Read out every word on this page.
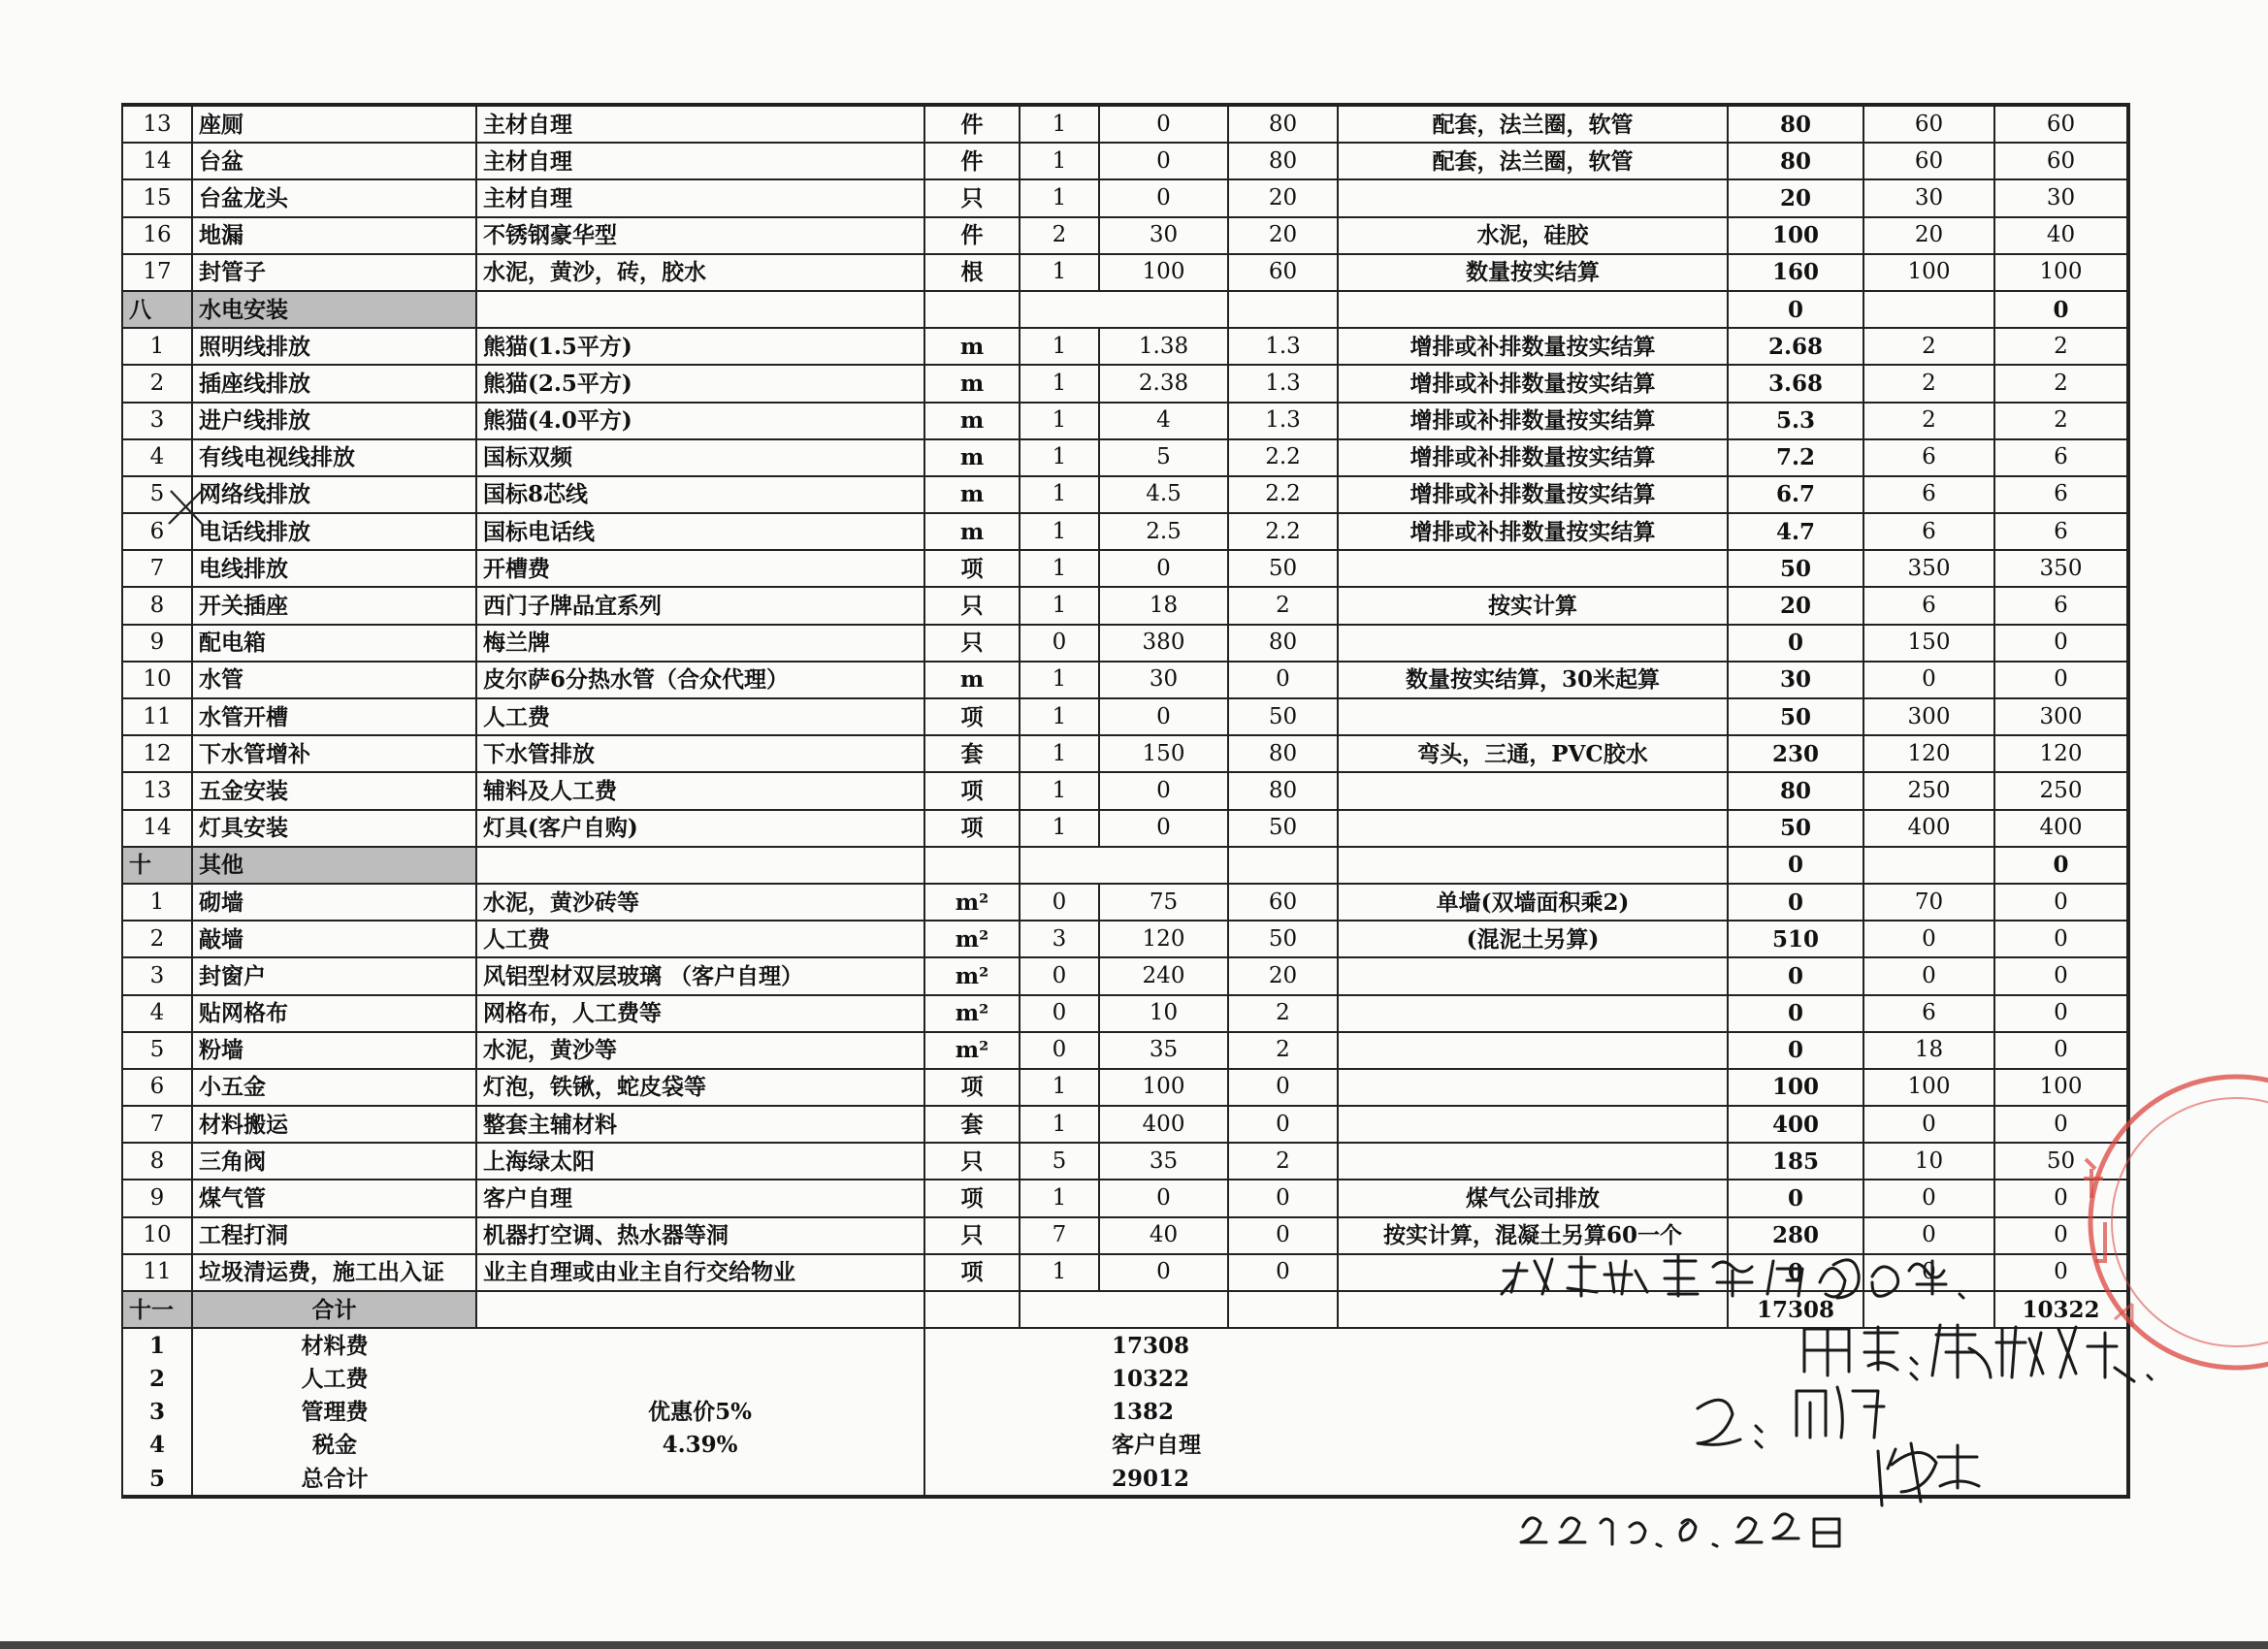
13	座厕	主材自理	件	1	0	80	配套，法兰圈，软管	80	60	60
14	台盆	主材自理	件	1	0	80	配套，法兰圈，软管	80	60	60
15	台盆龙头	主材自理	只	1	0	20		20	30	30
16	地漏	不锈钢豪华型	件	2	30	20	水泥，硅胶	100	20	40
17	封管子	水泥，黄沙，砖，胶水	根	1	100	60	数量按实结算	160	100	100
八	水电安装							0		0
1	照明线排放	熊猫(1.5平方)	m	1	1.38	1.3	增排或补排数量按实结算	2.68	2	2
2	插座线排放	熊猫(2.5平方)	m	1	2.38	1.3	增排或补排数量按实结算	3.68	2	2
3	进户线排放	熊猫(4.0平方)	m	1	4	1.3	增排或补排数量按实结算	5.3	2	2
4	有线电视线排放	国标双频	m	1	5	2.2	增排或补排数量按实结算	7.2	6	6
5	网络线排放	国标8芯线	m	1	4.5	2.2	增排或补排数量按实结算	6.7	6	6
6	电话线排放	国标电话线	m	1	2.5	2.2	增排或补排数量按实结算	4.7	6	6
7	电线排放	开槽费	项	1	0	50		50	350	350
8	开关插座	西门子牌品宜系列	只	1	18	2	按实计算	20	6	6
9	配电箱	梅兰牌	只	0	380	80		0	150	0
10	水管	皮尔萨6分热水管（合众代理）	m	1	30	0	数量按实结算，30米起算	30	0	0
11	水管开槽	人工费	项	1	0	50		50	300	300
12	下水管增补	下水管排放	套	1	150	80	弯头，三通，PVC胶水	230	120	120
13	五金安装	辅料及人工费	项	1	0	80		80	250	250
14	灯具安装	灯具(客户自购)	项	1	0	50		50	400	400
十	其他							0		0
1	砌墙	水泥，黄沙砖等	m²	0	75	60	单墙(双墙面积乘2)	0	70	0
2	敲墙	人工费	m²	3	120	50	(混泥土另算)	510	0	0
3	封窗户	风铝型材双层玻璃 （客户自理）	m²	0	240	20		0	0	0
4	贴网格布	网格布，人工费等	m²	0	10	2		0	6	0
5	粉墙	水泥，黄沙等	m²	0	35	2		0	18	0
6	小五金	灯泡，铁锹，蛇皮袋等	项	1	100	0		100	100	100
7	材料搬运	整套主辅材料	套	1	400	0		400	0	0
8	三角阀	上海绿太阳	只	5	35	2		185	10	50
9	煤气管	客户自理	项	1	0	0	煤气公司排放	0	0	0
10	工程打洞	机器打空调、热水器等洞	只	7	40	0	按实计算，混凝土另算60一个	280	0	0
11	垃圾清运费，施工出入证	业主自理或由业主自行交给物业	项	1	0	0		0	0	0
十一	合计							17308		10322
1	材料费		17308
2	人工费		10322
3	管理费	优惠价5%	1382
4	税金	4.39%	客户自理
5	总合计		29012
